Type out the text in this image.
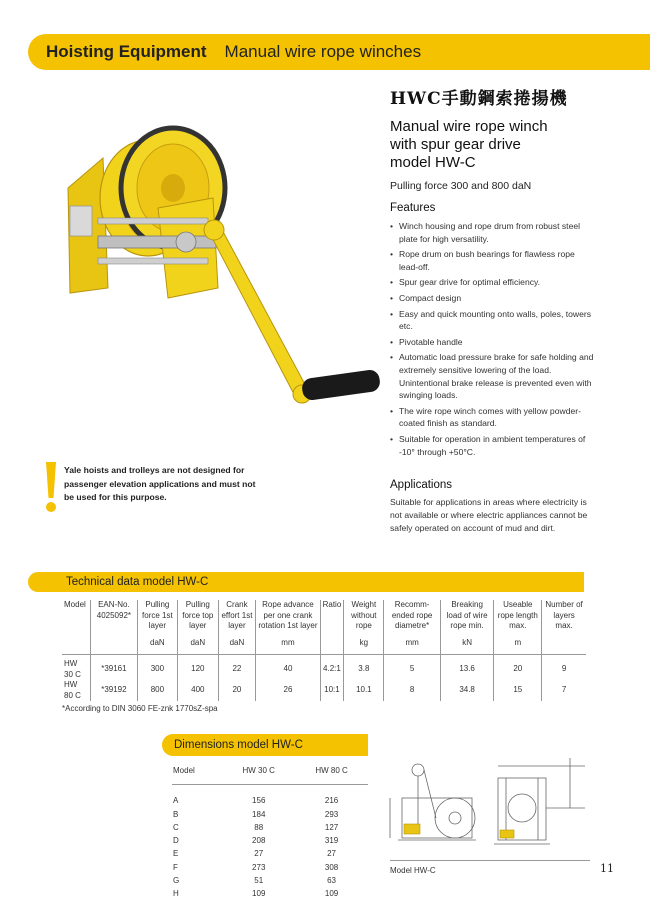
Hoisting Equipment Manual wire rope winches
HWC手動鋼索捲揚機
Manual wire rope winch
with spur gear drive
model HW-C
Pulling force 300 and 800 daN
Features
• Winch housing and rope drum from robust steel plate for high versatility.
• Rope drum on bush bearings for flawless rope lead-off.
• Spur gear drive for optimal efficiency.
• Compact design
• Easy and quick mounting onto walls, poles, towers etc.
• Pivotable handle
• Automatic load pressure brake for safe holding and extremely sensitive lowering of the load. Unintentional brake release is prevented even with swinging loads.
• The wire rope winch comes with yellow powder-coated finish as standard.
• Suitable for operation in ambient temperatures of -10° through +50°C.
Applications
Suitable for applications in areas where electricity is not available or where electric appliances cannot be safely operated on account of mud and dirt.
Yale hoists and trolleys are not designed for passenger elevation applications and must not be used for this purpose.
Technical data model HW-C
Model	EAN-No. 4025092*	Pulling force 1st layer	Pulling force top layer	Crank effort 1st layer	Rope advance per one crank rotation 1st layer	Ratio	Weight without rope	Recomm-ended rope diametre*	Breaking load of wire rope min.	Useable rope length max.	Number of layers max.
		daN	daN	daN	mm		kg	mm	kN	m	
HW 30 C	*39161	300	120	22	40	4.2:1	3.8	5	13.6	20	9
HW 80 C	*39192	800	400	20	26	10:1	10.1	8	34.8	15	7
*According to DIN 3060 FE-znk 1770sZ-spa
Dimensions model HW-C
Model	HW 30 C	HW 80 C
A	156	216
B	184	293
C	88	127
D	208	319
E	27	27
F	273	308
G	51	63
H	109	109
Model HW-C	11
